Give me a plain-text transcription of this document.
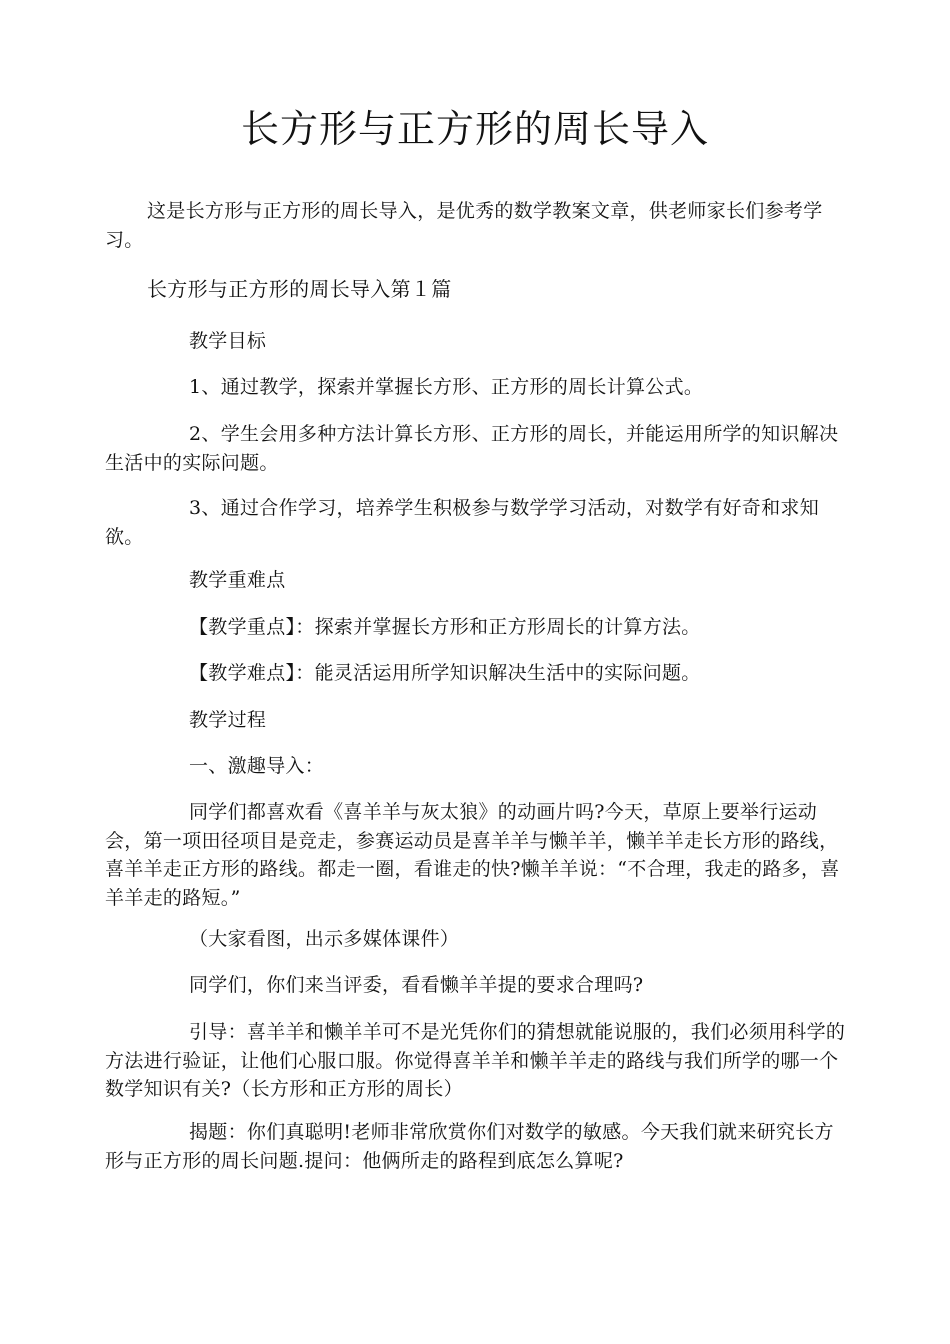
长方形与正方形的周长导入

这是长方形与正方形的周长导入，是优秀的数学教案文章，供老师家长们参考学习。

长方形与正方形的周长导入第１篇

教学目标

1、通过教学，探索并掌握长方形、正方形的周长计算公式。

2、学生会用多种方法计算长方形、正方形的周长，并能运用所学的知识解决生活中的实际问题。

3、通过合作学习，培养学生积极参与数学学习活动，对数学有好奇和求知欲。

教学重难点

【教学重点】：探索并掌握长方形和正方形周长的计算方法。

【教学难点】：能灵活运用所学知识解决生活中的实际问题。

教学过程

一、激趣导入：

同学们都喜欢看《喜羊羊与灰太狼》的动画片吗?今天，草原上要举行运动会，第一项田径项目是竞走，参赛运动员是喜羊羊与懒羊羊，懒羊羊走长方形的路线，喜羊羊走正方形的路线。都走一圈，看谁走的快?懒羊羊说：“不合理，我走的路多，喜羊羊走的路短。”

（大家看图，出示多媒体课件）

同学们，你们来当评委，看看懒羊羊提的要求合理吗?

引导：喜羊羊和懒羊羊可不是光凭你们的猜想就能说服的，我们必须用科学的方法进行验证，让他们心服口服。你觉得喜羊羊和懒羊羊走的路线与我们所学的哪一个数学知识有关?（长方形和正方形的周长）

揭题：你们真聪明!老师非常欣赏你们对数学的敏感。今天我们就来研究长方形与正方形的周长问题.提问：他俩所走的路程到底怎么算呢?
